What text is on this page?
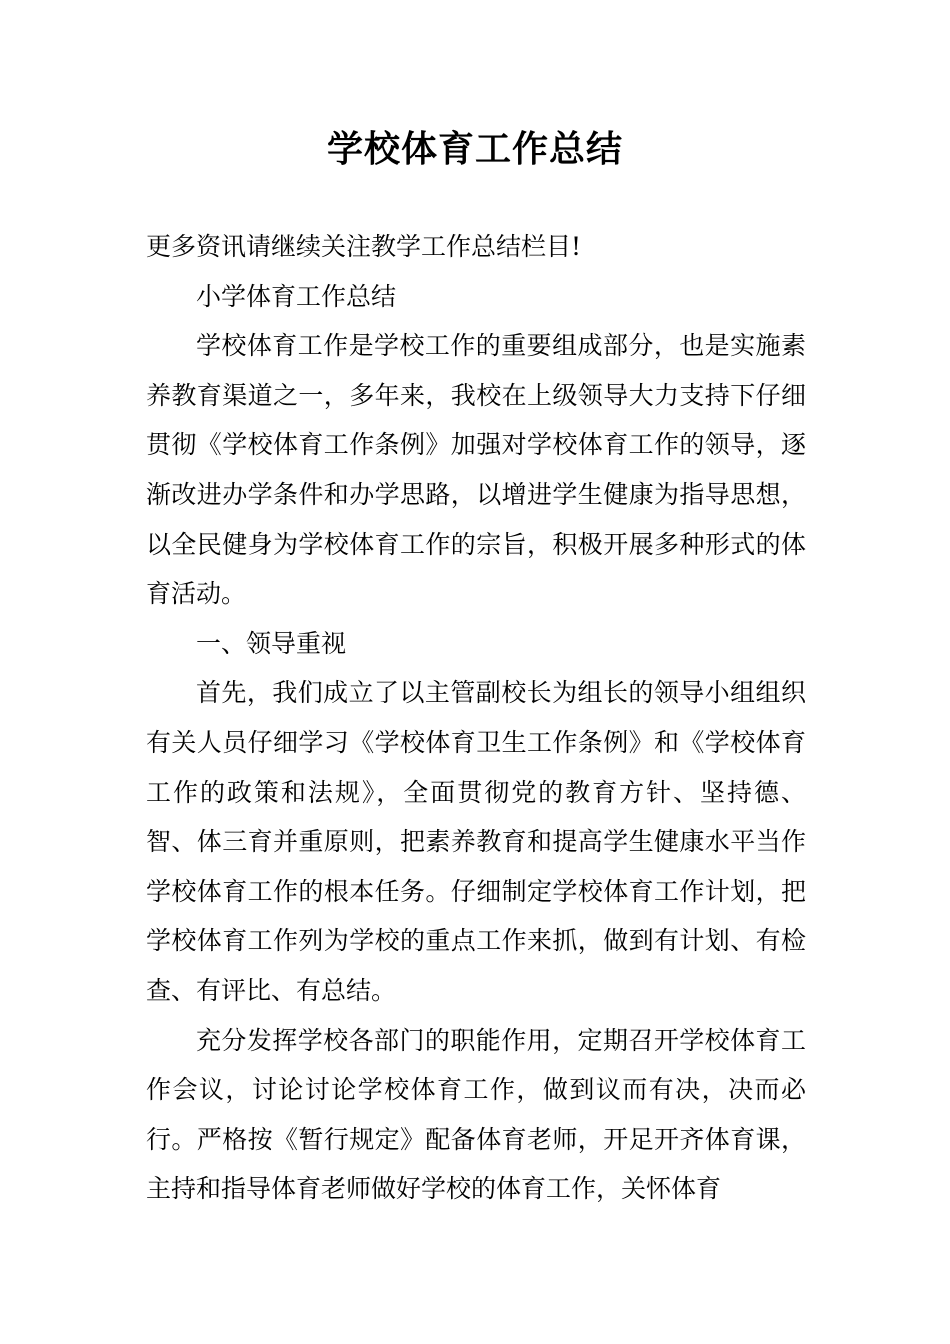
学校体育工作总结

更多资讯请继续关注教学工作总结栏目!

小学体育工作总结

学校体育工作是学校工作的重要组成部分，也是实施素养教育渠道之一，多年来，我校在上级领导大力支持下仔细贯彻《学校体育工作条例》加强对学校体育工作的领导，逐渐改进办学条件和办学思路，以增进学生健康为指导思想，以全民健身为学校体育工作的宗旨，积极开展多种形式的体育活动。

一、领导重视

首先，我们成立了以主管副校长为组长的领导小组组织有关人员仔细学习《学校体育卫生工作条例》和《学校体育工作的政策和法规》，全面贯彻党的教育方针、坚持德、智、体三育并重原则，把素养教育和提高学生健康水平当作学校体育工作的根本任务。仔细制定学校体育工作计划，把学校体育工作列为学校的重点工作来抓，做到有计划、有检查、有评比、有总结。

充分发挥学校各部门的职能作用，定期召开学校体育工作会议，讨论讨论学校体育工作，做到议而有决，决而必行。严格按《暂行规定》配备体育老师，开足开齐体育课，主持和指导体育老师做好学校的体育工作，关怀体育
